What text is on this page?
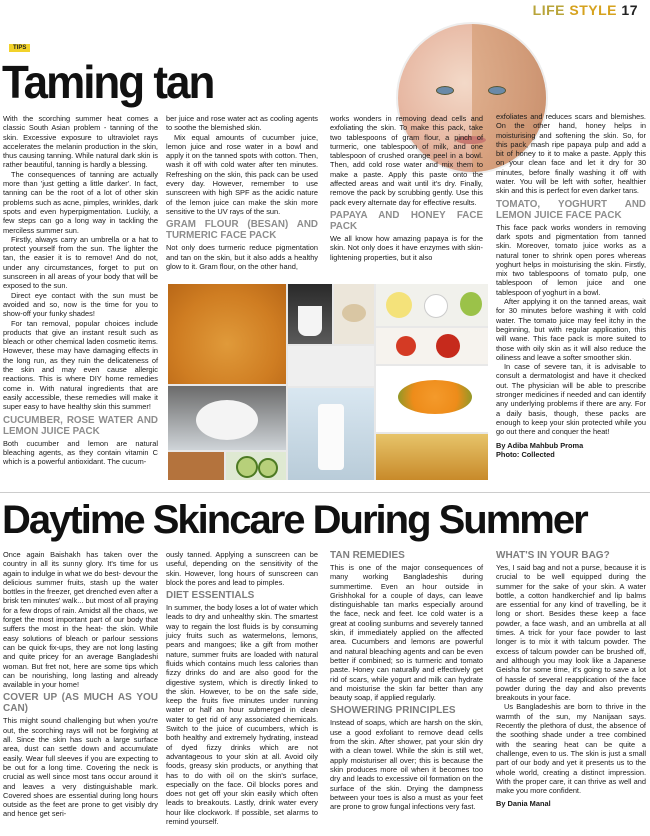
LIFE STYLE 17
TIPS
Taming tan

With the scorching summer heat comes a classic South Asian problem - tanning of the skin. Excessive exposure to ultraviolet rays accelerates the melanin production in the skin, thus causing tanning. While natural dark skin is rather beautiful, tanning is hardly a blessing.

The consequences of tanning are actually more than 'just getting a little darker'. In fact, tanning can be the root of a lot of other skin problems such as acne, pimples, wrinkles, dark spots and even hyperpigmentation. Luckily, a few steps can go a long way in tackling the merciless summer sun.

Firstly, always carry an umbrella or a hat to protect yourself from the sun. The lighter the tan, the easier it is to remove! And do not, under any circumstances, forget to put on sunscreen in all areas of your body that will be exposed to the sun.

Direct eye contact with the sun must be avoided and so, now is the time for you to show-off your funky shades!

For tan removal, popular choices include products that give an instant result such as bleach or other chemical laden cosmetic items. However, these may have damaging effects in the long run, as they ruin the delicateness of the skin and may even cause allergic reactions. This is where DIY home remedies come in. With natural ingredients that are easily accessible, these remedies will make it super easy to have healthy skin this summer!

CUCUMBER, ROSE WATER AND LEMON JUICE PACK

Both cucumber and lemon are natural bleaching agents, as they contain vitamin C which is a powerful antioxidant. The cucum-

ber juice and rose water act as cooling agents to soothe the blemished skin.

Mix equal amounts of cucumber juice, lemon juice and rose water in a bowl and apply it on the tanned spots with cotton. Then, wash it off with cold water after ten minutes. Refreshing on the skin, this pack can be used every day. However, remember to use sunscreen with high SPF as the acidic nature of the lemon juice can make the skin more sensitive to the UV rays of the sun.

GRAM FLOUR (BESAN) AND TURMERIC FACE PACK

Not only does turmeric reduce pigmentation and tan on the skin, but it also adds a healthy glow to it. Gram flour, on the other hand,

works wonders in removing dead cells and exfoliating the skin. To make this pack, take two tablespoons of gram flour, a pinch of turmeric, one tablespoon of milk, and one tablespoon of crushed orange peel in a bowl. Then, add cold rose water and mix them to make a paste. Apply this paste onto the affected areas and wait until it's dry. Finally, remove the pack by scrubbing gently. Use this pack every alternate day for effective results.

PAPAYA AND HONEY FACE PACK

We all know how amazing papaya is for the skin. Not only does it have enzymes with skin-lightening properties, but it also

exfoliates and reduces scars and blemishes. On the other hand, honey helps in moisturising and softening the skin. So, for this pack, mash ripe papaya pulp and add a bit of honey to it to make a paste. Apply this on your clean face and let it dry for 30 minutes, before finally washing it off with water. You will be left with softer, healthier skin and this is perfect for even darker tans.

TOMATO, YOGHURT AND LEMON JUICE FACE PACK

This face pack works wonders in removing dark spots and pigmentation from tanned skin. Moreover, tomato juice works as a natural toner to shrink open pores whereas yoghurt helps in moisturising the skin. Firstly, mix two tablespoons of tomato pulp, one tablespoon of lemon juice and one tablespoon of yoghurt in a bowl.

After applying it on the tanned areas, wait for 30 minutes before washing it with cold water. The tomato juice may feel itchy in the beginning, but with regular application, this will wane. This face pack is more suited to those with oily skin as it will also reduce the oiliness and leave a softer smoother skin.

In case of severe tan, it is advisable to consult a dermatologist and have it checked out. The physician will be able to prescribe stronger medicines if needed and can identify any underlying problems if there are any. For a daily basis, though, these packs are enough to keep your skin protected while you go out there and conquer the heat!

By Adiba Mahbub Proma
Photo: Collected
Daytime Skincare During Summer

Once again Baishakh has taken over the country in all its sunny glory. It's time for us again to indulge in what we do best- devour the delicious summer fruits, stash up the water bottles in the freezer, get drenched even after a brisk ten minutes' walk... but most of all praying for a few drops of rain. Amidst all the chaos, we forget the most important part of our body that suffers the most in the heat- the skin. While easy solutions of bleach or parlour sessions can be quick fix-ups, they are not long lasting and quite pricey for an average Bangladeshi woman. But fret not, here are some tips which can be nourishing, long lasting and already available in your home!

COVER UP (AS MUCH AS YOU CAN)

This might sound challenging but when you're out, the scorching rays will not be forgiving at all. Since the skin has such a large surface area, dust can settle down and accumulate easily. Wear full sleeves if you are expecting to be out for a long time. Covering the neck is crucial as well since most tans occur around it and leaves a very distinguishable mark. Covered shoes are essential during long hours outside as the feet are prone to get visibly dry and hence get seri-

ously tanned. Applying a sunscreen can be useful, depending on the sensitivity of the skin. However, long hours of sunscreen can block the pores and lead to pimples.

DIET ESSENTIALS

In summer, the body loses a lot of water which leads to dry and unhealthy skin. The smartest way to regain the lost fluids is by consuming juicy fruits such as watermelons, lemons, pears and mangoes; like a gift from mother nature, summer fruits are loaded with natural fluids which contains much less calories than fizzy drinks do and are also good for the digestive system, which is directly linked to the skin. However, to be on the safe side, keep the fruits five minutes under running water or half an hour submerged in clean water to get rid of any associated chemicals. Switch to the juice of cucumbers, which is both healthy and extremely hydrating, instead of dyed fizzy drinks which are not advantageous to your skin at all. Avoid oily foods, greasy skin products, or anything that has to do with oil on the skin's surface, especially on the face. Oil blocks pores and does not get off your skin easily which often leads to breakouts. Lastly, drink water every hour like clockwork. If possible, set alarms to remind yourself.

TAN REMEDIES

This is one of the major consequences of many working Bangladeshis during summertime. Even an hour outside in Grishhokal for a couple of days, can leave distinguishable tan marks especially around the face, neck and feet. Ice cold water is a great at cooling sunburns and severely tanned skin, if immediately applied on the affected area. Cucumbers and lemons are powerful and natural bleaching agents and can be even better if combined; so is turmeric and tomato paste. Honey can naturally and effectively get rid of scars, while yogurt and milk can hydrate and moisturise the skin far better than any beauty soap, if applied regularly.

SHOWERING PRINCIPLES

Instead of soaps, which are harsh on the skin, use a good exfoliant to remove dead cells from the skin. After shower, pat your skin dry with a clean towel. While the skin is still wet, apply moisturiser all over; this is because the skin produces more oil when it becomes too dry and leads to excessive oil formation on the surface of the skin. Drying the dampness between your toes is also a must as your feet are prone to grow fungal infections very fast.

WHAT'S IN YOUR BAG?

Yes, I said bag and not a purse, because it is crucial to be well equipped during the summer for the sake of your skin. A water bottle, a cotton handkerchief and lip balms are essential for any kind of travelling, be it long or short. Besides these keep a face powder, a face wash, and an umbrella at all times. A trick for your face powder to last longer is to mix it with talcum powder. The excess of talcum powder can be brushed off, and although you may look like a Japanese Geisha for some time, it's going to save a lot of hassle of several reapplication of the face powder during the day and also prevents breakouts in your face.

Us Bangladeshis are born to thrive in the warmth of the sun, my Nanijaan says. Recently the plethora of dust, the absence of the soothing shade under a tree combined with the searing heat can be quite a challenge, even to us. The skin is just a small part of our body and yet it presents us to the whole world, creating a distinct impression. With the proper care, it can thrive as well and make you more confident.

By Dania Manal
